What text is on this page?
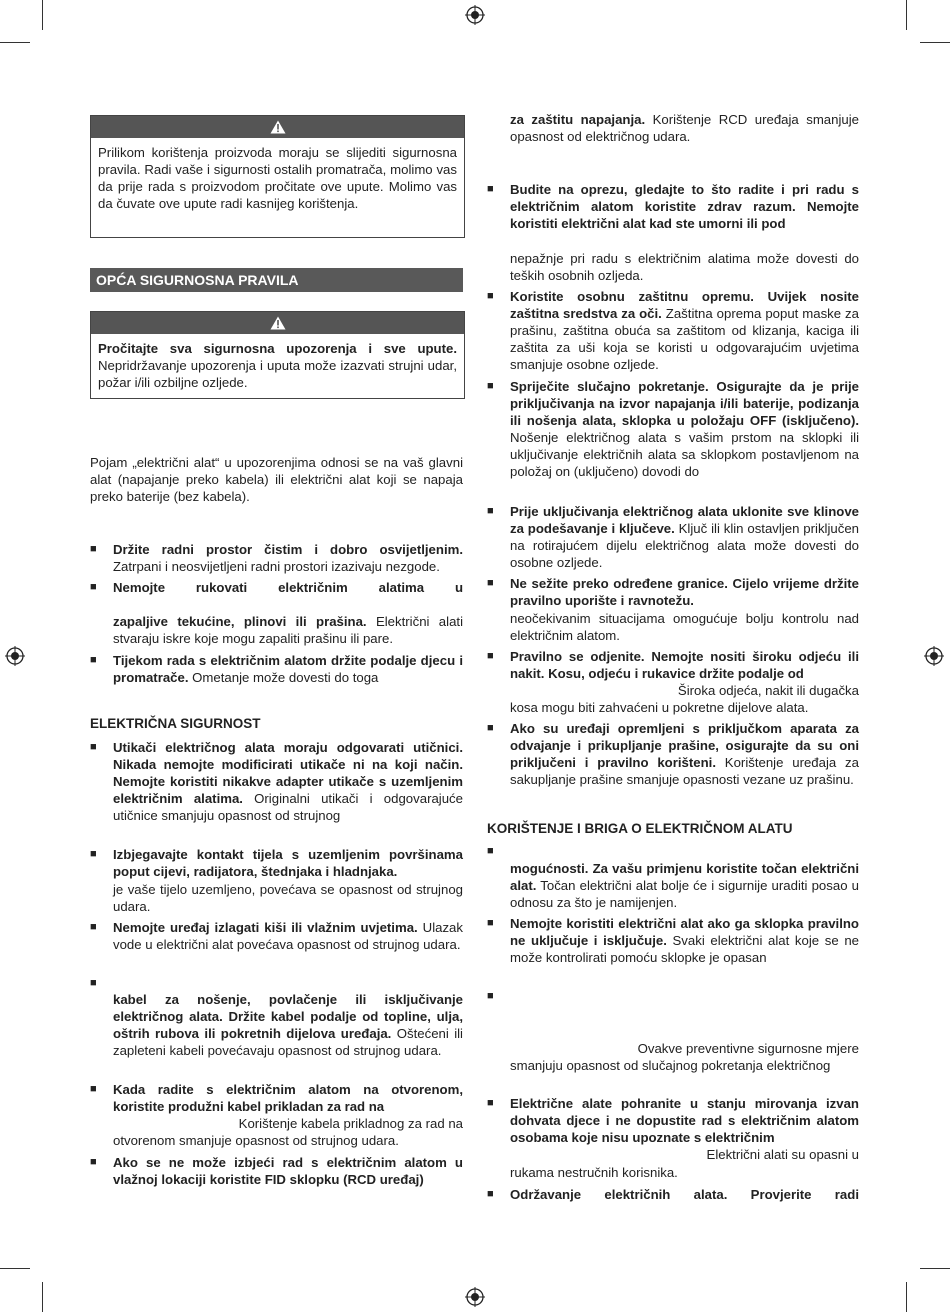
Prilikom korištenja proizvoda moraju se slijediti sigurnosna pravila. Radi vaše i sigurnosti ostalih promatrača, molimo vas da prije rada s proizvodom pročitate ove upute. Molimo vas da čuvate ove upute radi kasnijeg korištenja.
OPĆA SIGURNOSNA PRAVILA
Pročitajte sva sigurnosna upozorenja i sve upute. Nepridržavanje upozorenja i uputa može izazvati strujni udar, požar i/ili ozbiljne ozljede.
Pojam „električni alat“ u upozorenjima odnosi se na vaš glavni alat (napajanje preko kabela) ili električni alat koji se napaja preko baterije (bez kabela).
■ Držite radni prostor čistim i dobro osvijetljenim. Zatrpani i neosvijetljeni radni prostori izazivaju nezgode.
■ Nemojte rukovati električnim alatima u
zapaljive tekućine, plinovi ili prašina. Električni alati stvaraju iskre koje mogu zapaliti prašinu ili pare.
■ Tijekom rada s električnim alatom držite podalje djecu i promatrače. Ometanje može dovesti do toga
ELEKTRIČNA SIGURNOST
■ Utikači električnog alata moraju odgovarati utičnici. Nikada nemojte modificirati utikače ni na koji način. Nemojte koristiti nikakve adapter utikače s uzemljenim električnim alatima. Originalni utikači i odgovarajuće utičnice smanjuju opasnost od strujnog
■ Izbjegavajte kontakt tijela s uzemljenim površinama poput cijevi, radijatora, štednjaka i hladnjaka.
je vaše tijelo uzemljeno, povećava se opasnost od strujnog udara.
■ Nemojte uređaj izlagati kiši ili vlažnim uvjetima. Ulazak vode u električni alat povećava opasnost od strujnog udara.
■
kabel za nošenje, povlačenje ili isključivanje električnog alata. Držite kabel podalje od topline, ulja, oštrih rubova ili pokretnih dijelova uređaja. Oštećeni ili zapleteni kabeli povećavaju opasnost od strujnog udara.
■ Kada radite s električnim alatom na otvorenom, koristite produžni kabel prikladan za rad na
Korištenje kabela prikladnog za rad na
otvorenom smanjuje opasnost od strujnog udara.
■ Ako se ne može izbjeći rad s električnim alatom u vlažnoj lokaciji koristite FID sklopku (RCD uređaj)
za zaštitu napajanja. Korištenje RCD uređaja smanjuje opasnost od električnog udara.
■ Budite na oprezu, gledajte to što radite i pri radu s električnim alatom koristite zdrav razum. Nemojte koristiti električni alat kad ste umorni ili pod
nepažnje pri radu s električnim alatima može dovesti do teških osobnih ozljeda.
■ Koristite osobnu zaštitnu opremu. Uvijek nosite zaštitna sredstva za oči. Zaštitna oprema poput maske za prašinu, zaštitna obuća sa zaštitom od klizanja, kaciga ili zaštita za uši koja se koristi u odgovarajućim uvjetima smanjuje osobne ozljede.
■ Spriječite slučajno pokretanje. Osigurajte da je prije priključivanja na izvor napajanja i/ili baterije, podizanja ili nošenja alata, sklopka u položaju OFF (isključeno). Nošenje električnog alata s vašim prstom na sklopki ili uključivanje električnih alata sa sklopkom postavljenom na položaj on (uključeno) dovodi do
■ Prije uključivanja električnog alata uklonite sve klinove za podešavanje i ključeve. Ključ ili klin ostavljen priključen na rotirajućem dijelu električnog alata može dovesti do osobne ozljede.
■ Ne sežite preko određene granice. Cijelo vrijeme držite pravilno uporište i ravnotežu.
neočekivanim situacijama omogućuje bolju kontrolu nad električnim alatom.
■ Pravilno se odjenite. Nemojte nositi široku odjeću ili nakit. Kosu, odjeću i rukavice držite podalje od
Široka odjeća, nakit ili dugačka
kosa mogu biti zahvaćeni u pokretne dijelove alata.
■ Ako su uređaji opremljeni s priključkom aparata za odvajanje i prikupljanje prašine, osigurajte da su oni priključeni i pravilno korišteni. Korištenje uređaja za sakupljanje prašine smanjuje opasnosti vezane uz prašinu.
KORIŠTENJE I BRIGA O ELEKTRIČNOM ALATU
■
mogućnosti. Za vašu primjenu koristite točan električni alat. Točan električni alat bolje će i sigurnije uraditi posao u odnosu za što je namijenjen.
■ Nemojte koristiti električni alat ako ga sklopka pravilno ne uključuje i isključuje. Svaki električni alat koje se ne može kontrolirati pomoću sklopke je opasan
■
Ovakve preventivne sigurnosne mjere
smanjuju opasnost od slučajnog pokretanja električnog
■ Električne alate pohranite u stanju mirovanja izvan dohvata djece i ne dopustite rad s električnim alatom osobama koje nisu upoznate s električnim
Električni alati su opasni u
rukama nestručnih korisnika.
■ Održavanje električnih alata. Provjerite radi
